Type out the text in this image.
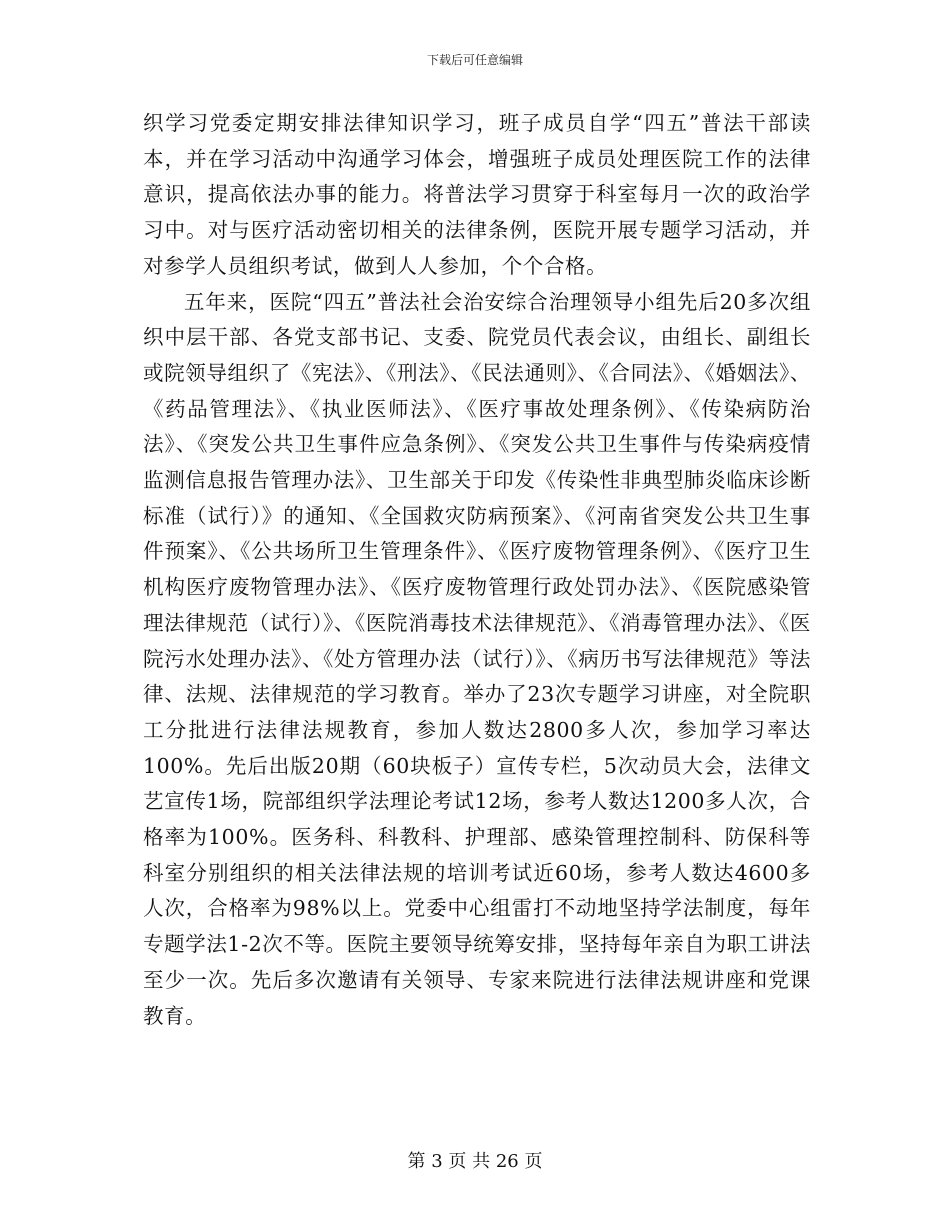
下载后可任意编辑

织学习党委定期安排法律知识学习，班子成员自学“四五”普法干部读本，并在学习活动中沟通学习体会，增强班子成员处理医院工作的法律意识，提高依法办事的能力。将普法学习贯穿于科室每月一次的政治学习中。对与医疗活动密切相关的法律条例，医院开展专题学习活动，并对参学人员组织考试，做到人人参加，个个合格。

五年来，医院“四五”普法社会治安综合治理领导小组先后20多次组织中层干部、各党支部书记、支委、院党员代表会议，由组长、副组长或院领导组织了《宪法》、《刑法》、《民法通则》、《合同法》、《婚姻法》、《药品管理法》、《执业医师法》、《医疗事故处理条例》、《传染病防治法》、《突发公共卫生事件应急条例》、《突发公共卫生事件与传染病疫情监测信息报告管理办法》、卫生部关于印发《传染性非典型肺炎临床诊断标准（试行）》的通知、《全国救灾防病预案》、《河南省突发公共卫生事件预案》、《公共场所卫生管理条件》、《医疗废物管理条例》、《医疗卫生机构医疗废物管理办法》、《医疗废物管理行政处罚办法》、《医院感染管理法律规范（试行）》、《医院消毒技术法律规范》、《消毒管理办法》、《医院污水处理办法》、《处方管理办法（试行）》、《病历书写法律规范》等法律、法规、法律规范的学习教育。举办了23次专题学习讲座，对全院职工分批进行法律法规教育，参加人数达2800多人次，参加学习率达100%。先后出版20期（60块板子）宣传专栏，5次动员大会，法律文艺宣传1场，院部组织学法理论考试12场，参考人数达1200多人次，合格率为100%。医务科、科教科、护理部、感染管理控制科、防保科等科室分别组织的相关法律法规的培训考试近60场，参考人数达4600多人次，合格率为98%以上。党委中心组雷打不动地坚持学法制度，每年专题学法1-2次不等。医院主要领导统筹安排，坚持每年亲自为职工讲法至少一次。先后多次邀请有关领导、专家来院进行法律法规讲座和党课教育。

第 3 页 共 26 页
